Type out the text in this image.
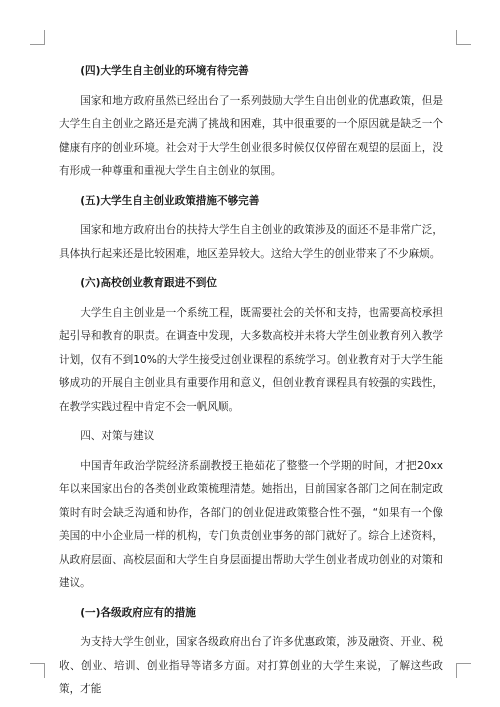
(四)大学生自主创业的环境有待完善

国家和地方政府虽然已经出台了一系列鼓励大学生自出创业的优惠政策，但是大学生自主创业之路还是充满了挑战和困难，其中很重要的一个原因就是缺乏一个健康有序的创业环境。社会对于大学生创业很多时候仅仅停留在观望的层面上，没有形成一种尊重和重视大学生自主创业的氛围。

(五)大学生自主创业政策措施不够完善

国家和地方政府出台的扶持大学生自主创业的政策涉及的面还不是非常广泛，具体执行起来还是比较困难，地区差异较大。这给大学生的创业带来了不少麻烦。

(六)高校创业教育跟进不到位

大学生自主创业是一个系统工程，既需要社会的关怀和支持，也需要高校承担起引导和教育的职责。在调查中发现，大多数高校并未将大学生创业教育列入教学计划，仅有不到10%的大学生接受过创业课程的系统学习。创业教育对于大学生能够成功的开展自主创业具有重要作用和意义，但创业教育课程具有较强的实践性，在教学实践过程中肯定不会一帆风顺。

四、对策与建议

中国青年政治学院经济系副教授王艳茹花了整整一个学期的时间，才把20xx年以来国家出台的各类创业政策梳理清楚。她指出，目前国家各部门之间在制定政策时有时会缺乏沟通和协作，各部门的创业促进政策整合性不强，“如果有一个像美国的中小企业局一样的机构，专门负责创业事务的部门就好了。综合上述资料，从政府层面、高校层面和大学生自身层面提出帮助大学生创业者成功创业的对策和建议。

(一)各级政府应有的措施

为支持大学生创业，国家各级政府出台了许多优惠政策，涉及融资、开业、税收、创业、培训、创业指导等诸多方面。对打算创业的大学生来说，了解这些政策，才能
